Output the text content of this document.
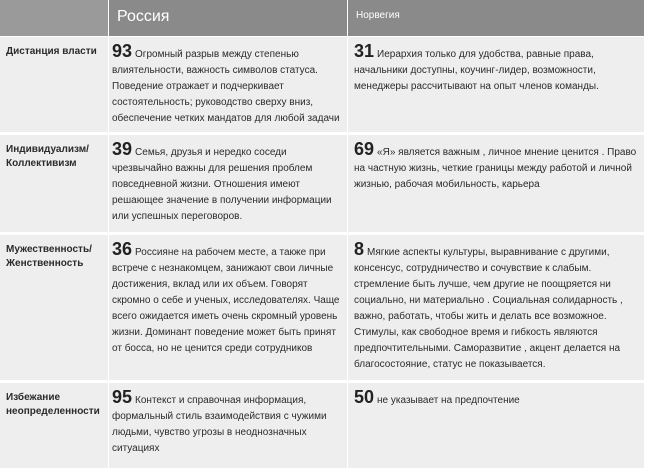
Россия	Норвегия
Дистанция власти 93 Огромный разрыв между степенью влиятельности, важность символов статуса. Поведение отражает и подчеркивает состоятельность; руководство сверху вниз, обеспечение четких мандатов для любой задачи
31 Иерархия только для удобства, равные права, начальники доступны, коучинг-лидер, возможности, менеджеры рассчитывают на опыт членов команды.
Индивидуализм/ Коллективизм
39 Семья, друзья и нередко соседи чрезвычайно важны для решения проблем повседневной жизни. Отношения имеют решающее значение в получении информации или успешных переговоров.
69 «Я» является важным , личное мнение ценится . Право на частную жизнь, четкие границы между работой и личной жизнью, рабочая мобильность, карьера
Мужественность/ Женственность
36 Россияне на рабочем месте, а также при встрече с незнакомцем, занижают свои личные достижения, вклад или их объем. Говорят скромно о себе и ученых, исследователях. Чаще всего ожидается иметь очень скромный уровень жизни. Доминант поведение может быть принят от босса, но не ценится среди сотрудников
8 Мягкие аспекты культуры, выравнивание с другими, консенсус, сотрудничество и сочувствие к слабым. стремление быть лучше, чем другие не поощряется ни социально, ни материально . Социальная солидарность , важно, работать, чтобы жить и делать все возможное. Стимулы, как свободное время и гибкость являются предпочтительными. Саморазвитие , акцент делается на благосостояние, статус не показывается.
Избежание неопределенности
95 Контекст и справочная информация, формальный стиль взаимодействия с чужими людьми, чувство угрозы в неоднозначных ситуациях
50 не указывает на предпочтение
